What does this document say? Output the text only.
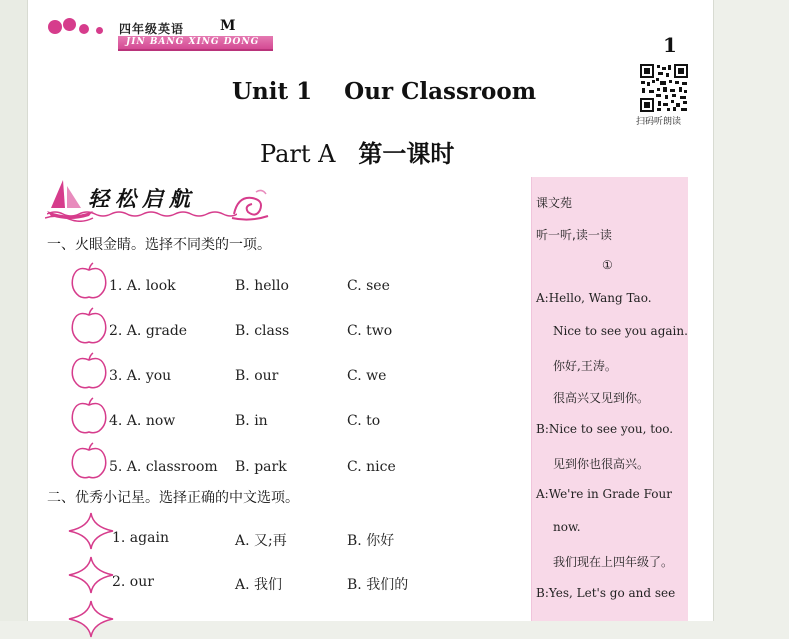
四年级英语	M
JIN BANG XING DONG	1
扫码听朗读
Unit 1    Our Classroom
Part A 第一课时
轻松启航
一、火眼金睛。选择不同类的一项。
1. A. look	B. hello	C. see
2. A. grade	B. class	C. two
3. A. you	B. our	C. we
4. A. now	B. in	C. to
5. A. classroom B. park	C. nice
二、优秀小记星。选择正确的中文选项。
1. again	A. 又;再	B. 你好
2. our	A. 我们	B. 我们的
课文苑
听一听,读一读
①
A:Hello, Wang Tao.
Nice to see you again.
你好,王涛。
很高兴又见到你。
B:Nice to see you, too.
见到你也很高兴。
A:We're in Grade Four
now.
我们现在上四年级了。
B:Yes, Let's go and see
